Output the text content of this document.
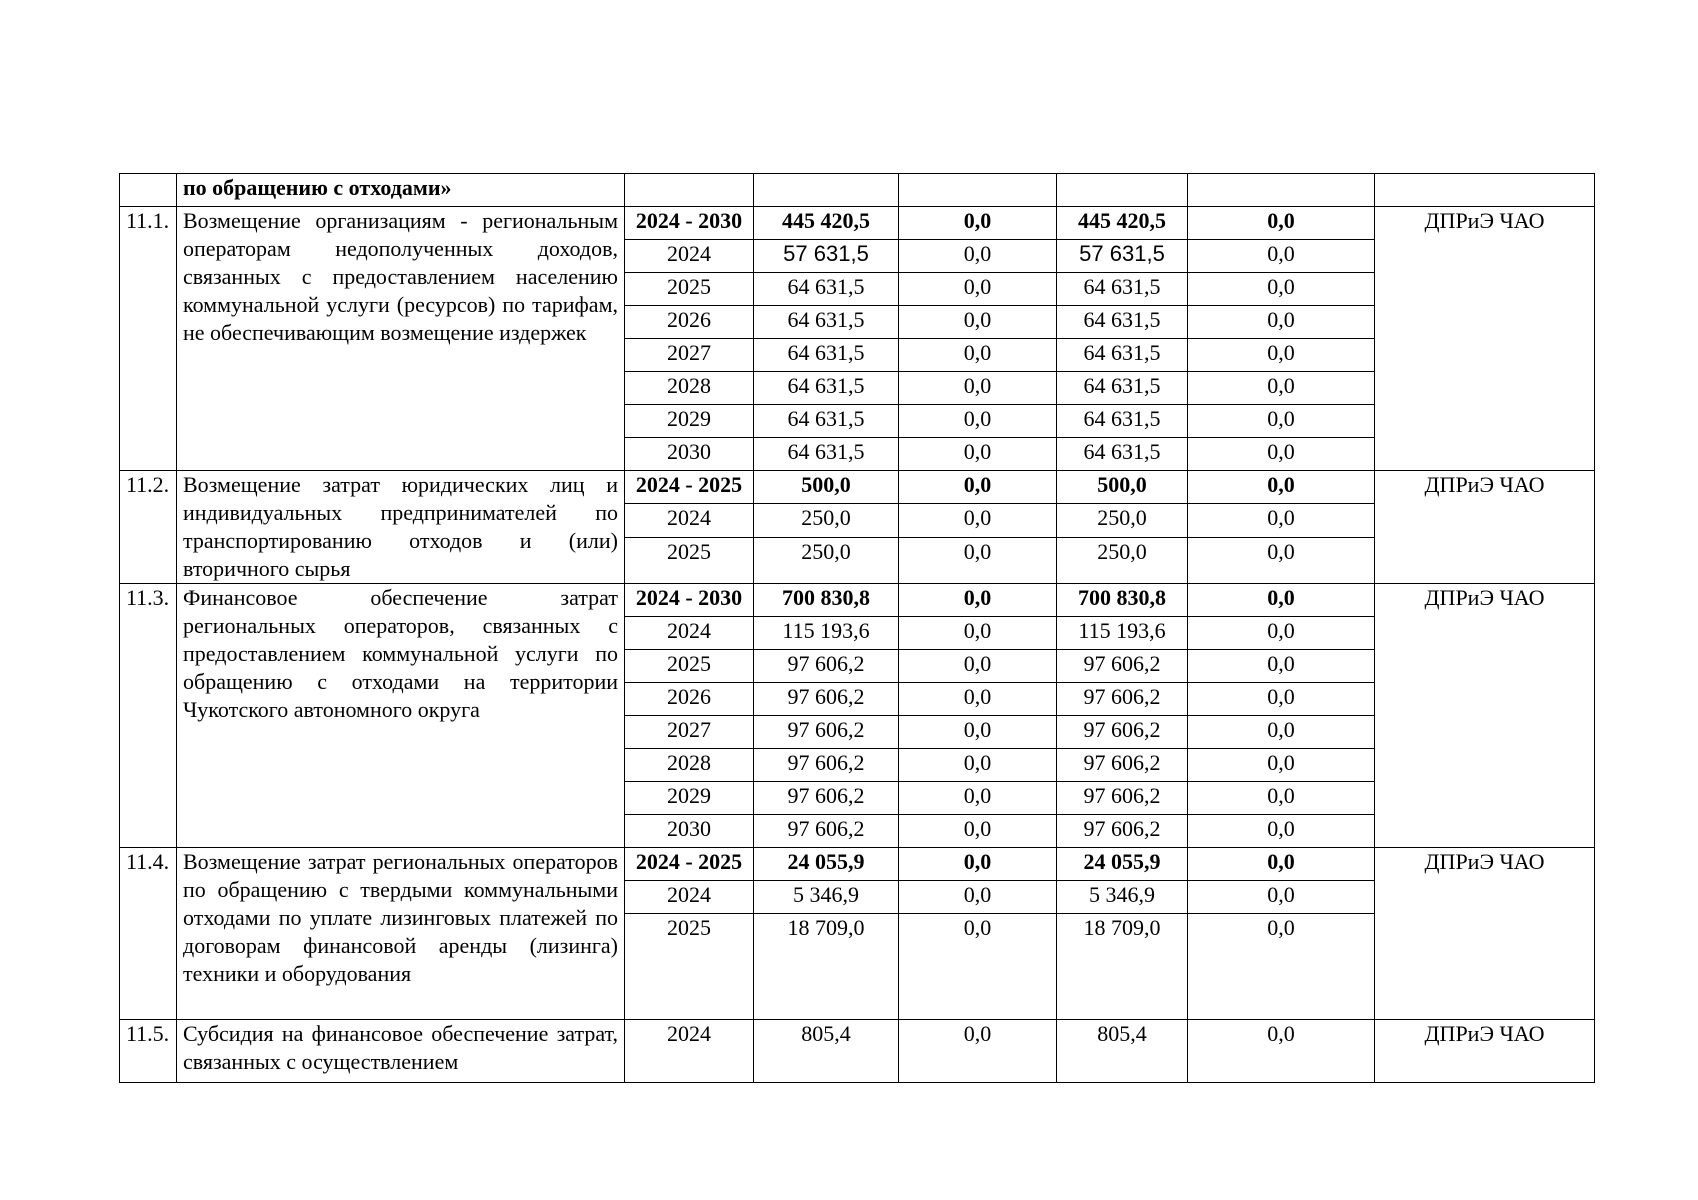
	по обращению с отходами»						
11.1.	Возмещение организациям - региональным операторам недополученных доходов, связанных с предоставлением населению коммунальной услуги (ресурсов) по тарифам, не обеспечивающим возмещение издержек	2024 - 2030	445 420,5	0,0	445 420,5	0,0	ДПРиЭ ЧАО
		2024	57 631,5	0,0	57 631,5	0,0	
		2025	64 631,5	0,0	64 631,5	0,0	
		2026	64 631,5	0,0	64 631,5	0,0	
		2027	64 631,5	0,0	64 631,5	0,0	
		2028	64 631,5	0,0	64 631,5	0,0	
		2029	64 631,5	0,0	64 631,5	0,0	
		2030	64 631,5	0,0	64 631,5	0,0	
11.2.	Возмещение затрат юридических лиц и индивидуальных предпринимателей по транспортированию отходов и (или) вторичного сырья	2024 - 2025	500,0	0,0	500,0	0,0	ДПРиЭ ЧАО
		2024	250,0	0,0	250,0	0,0	
		2025	250,0	0,0	250,0	0,0	
11.3.	Финансовое обеспечение затрат региональных операторов, связанных с предоставлением коммунальной услуги по обращению с отходами на территории Чукотского автономного округа	2024 - 2030	700 830,8	0,0	700 830,8	0,0	ДПРиЭ ЧАО
		2024	115 193,6	0,0	115 193,6	0,0	
		2025	97 606,2	0,0	97 606,2	0,0	
		2026	97 606,2	0,0	97 606,2	0,0	
		2027	97 606,2	0,0	97 606,2	0,0	
		2028	97 606,2	0,0	97 606,2	0,0	
		2029	97 606,2	0,0	97 606,2	0,0	
		2030	97 606,2	0,0	97 606,2	0,0	
11.4.	Возмещение затрат региональных операторов по обращению с твердыми коммунальными отходами по уплате лизинговых платежей по договорам финансовой аренды (лизинга) техники и оборудования	2024 - 2025	24 055,9	0,0	24 055,9	0,0	ДПРиЭ ЧАО
		2024	5 346,9	0,0	5 346,9	0,0	
		2025	18 709,0	0,0	18 709,0	0,0	
11.5.	Субсидия на финансовое обеспечение затрат, связанных с осуществлением	2024	805,4	0,0	805,4	0,0	ДПРиЭ ЧАО
